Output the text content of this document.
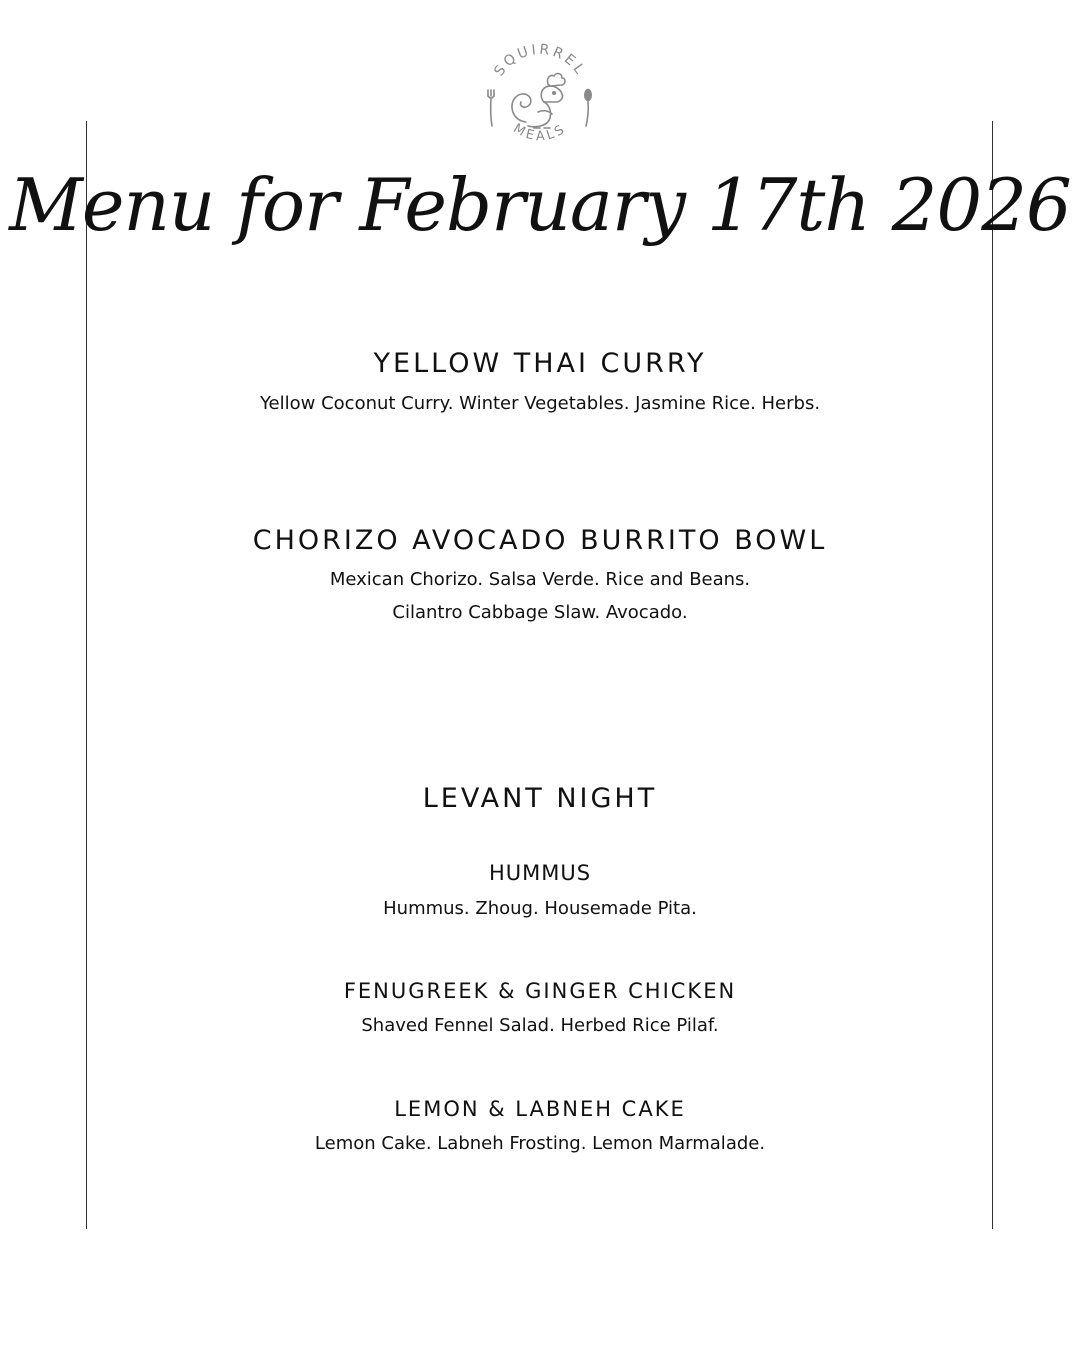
SQUIRREL
MEALS
Menu for February 17th 2026
YELLOW THAI CURRY
Yellow Coconut Curry. Winter Vegetables. Jasmine Rice. Herbs.
CHORIZO AVOCADO BURRITO BOWL
Mexican Chorizo. Salsa Verde. Rice and Beans.
Cilantro Cabbage Slaw. Avocado.
LEVANT NIGHT
HUMMUS
Hummus. Zhoug. Housemade Pita.
FENUGREEK & GINGER CHICKEN
Shaved Fennel Salad. Herbed Rice Pilaf.
LEMON & LABNEH CAKE
Lemon Cake. Labneh Frosting. Lemon Marmalade.
